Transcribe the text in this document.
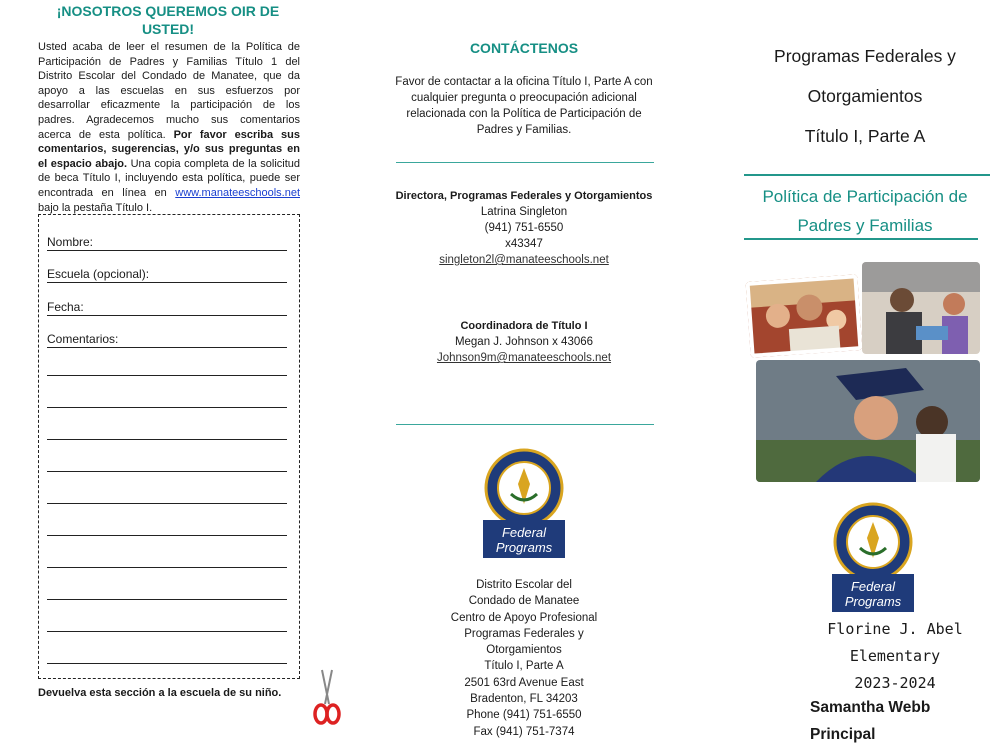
¡NOSOTROS QUEREMOS OIR DE
USTED!

Usted acaba de leer el resumen de la Política de Participación de Padres y Familias Título 1 del Distrito Escolar del Condado de Manatee, que da apoyo a las escuelas en sus esfuerzos por desarrollar eficazmente la participación de los padres. Agradecemos mucho sus comentarios acerca de esta política. Por favor escriba sus comentarios, sugerencias, y/o sus preguntas en el espacio abajo. Una copia completa de la solicitud de beca Título I, incluyendo esta política, puede ser encontrada en línea en www.manateeschools.net bajo la pestaña Título I.

Nombre:
Escuela (opcional):
Fecha:
Comentarios:
Devuelva esta sección a la escuela de su niño.
CONTÁCTENOS

Favor de contactar a la oficina Título I, Parte A con cualquier pregunta o preocupación adicional relacionada con la Política de Participación de Padres y Familias.

Directora, Programas Federales y Otorgamientos
Latrina Singleton
(941) 751-6550
x43347
singleton2l@manateeschools.net
Coordinadora de Título I
Megan J. Johnson x 43066
Johnson9m@manateeschools.net
Federal
Programs
Distrito Escolar del
Condado de Manatee
Centro de Apoyo Profesional
Programas Federales y
Otorgamientos
Título I, Parte A
2501 63rd Avenue East
Bradenton, FL 34203
Phone (941) 751-6550
Fax (941) 751-7374
Programas Federales y
Otorgamientos
Título I, Parte A
Política de Participación de
Padres y Familias
Federal
Programs
Florine J. Abel
Elementary
2023-2024
Samantha Webb
Principal
